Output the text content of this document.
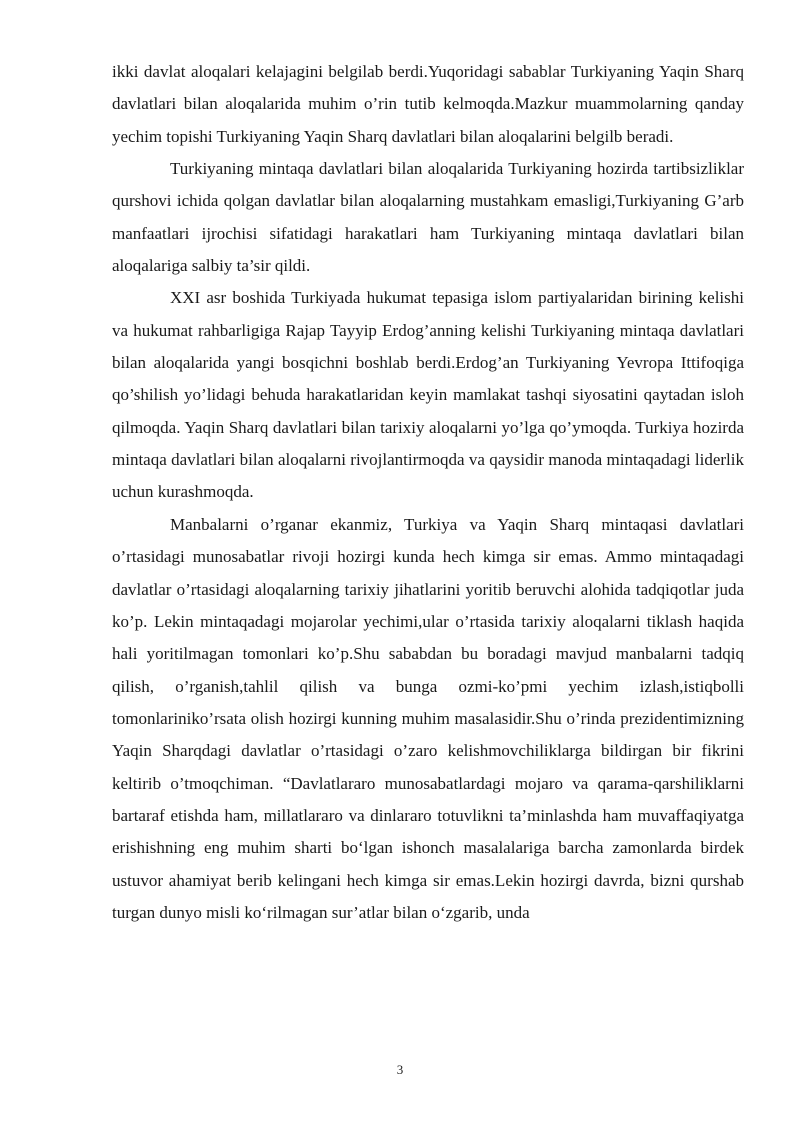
ikki davlat aloqalari kelajagini belgilab berdi.Yuqoridagi sabablar Turkiyaning Yaqin Sharq davlatlari bilan aloqalarida muhim o’rin tutib kelmoqda.Mazkur muammolarning qanday yechim topishi Turkiyaning Yaqin Sharq davlatlari bilan aloqalarini belgilb beradi.

Turkiyaning mintaqa davlatlari bilan aloqalarida Turkiyaning hozirda tartibsizliklar qurshovi ichida qolgan davlatlar bilan aloqalarning mustahkam emasligi,Turkiyaning G’arb manfaatlari ijrochisi sifatidagi harakatlari ham Turkiyaning mintaqa davlatlari bilan aloqalariga salbiy ta’sir qildi.

XXI asr boshida Turkiyada hukumat tepasiga islom partiyalaridan birining kelishi va hukumat rahbarligiga Rajap Tayyip Erdog’anning kelishi Turkiyaning mintaqa davlatlari bilan aloqalarida yangi bosqichni boshlab berdi.Erdog’an Turkiyaning Yevropa Ittifoqiga qo’shilish yo’lidagi behuda harakatlaridan keyin mamlakat tashqi siyosatini qaytadan isloh qilmoqda. Yaqin Sharq davlatlari bilan tarixiy aloqalarni yo’lga qo’ymoqda. Turkiya hozirda mintaqa davlatlari bilan aloqalarni rivojlantirmoqda va qaysidir manoda mintaqadagi liderlik uchun kurashmoqda.

Manbalarni o’rganar ekanmiz, Turkiya va Yaqin Sharq mintaqasi davlatlari o’rtasidagi munosabatlar rivoji hozirgi kunda hech kimga sir emas. Ammo mintaqadagi davlatlar o’rtasidagi aloqalarning tarixiy jihatlarini yoritib beruvchi alohida tadqiqotlar juda ko’p. Lekin mintaqadagi mojarolar yechimi,ular o’rtasida tarixiy aloqalarni tiklash haqida hali yoritilmagan tomonlari ko’p.Shu sababdan bu boradagi mavjud manbalarni tadqiq qilish, o’rganish,tahlil qilish va bunga ozmi-ko’pmi yechim izlash,istiqbolli tomonlariniko’rsata olish hozirgi kunning muhim masalasidir.Shu o’rinda prezidentimizning Yaqin Sharqdagi davlatlar o’rtasidagi o’zaro kelishmovchiliklarga bildirgan bir fikrini keltirib o’tmoqchiman. “Davlatlararo munosabatlardagi mojaro va qarama-qarshiliklarni bartaraf etishda ham, millatlararo va dinlararo totuvlikni ta’minlashda ham muvaffaqiyatga erishishning eng muhim sharti bo‘lgan ishonch masalalariga barcha zamonlarda birdek ustuvor ahamiyat berib kelingani hech kimga sir emas.Lekin hozirgi davrda, bizni qurshab turgan dunyo misli ko‘rilmagan sur’atlar bilan o‘zgarib, unda

3
